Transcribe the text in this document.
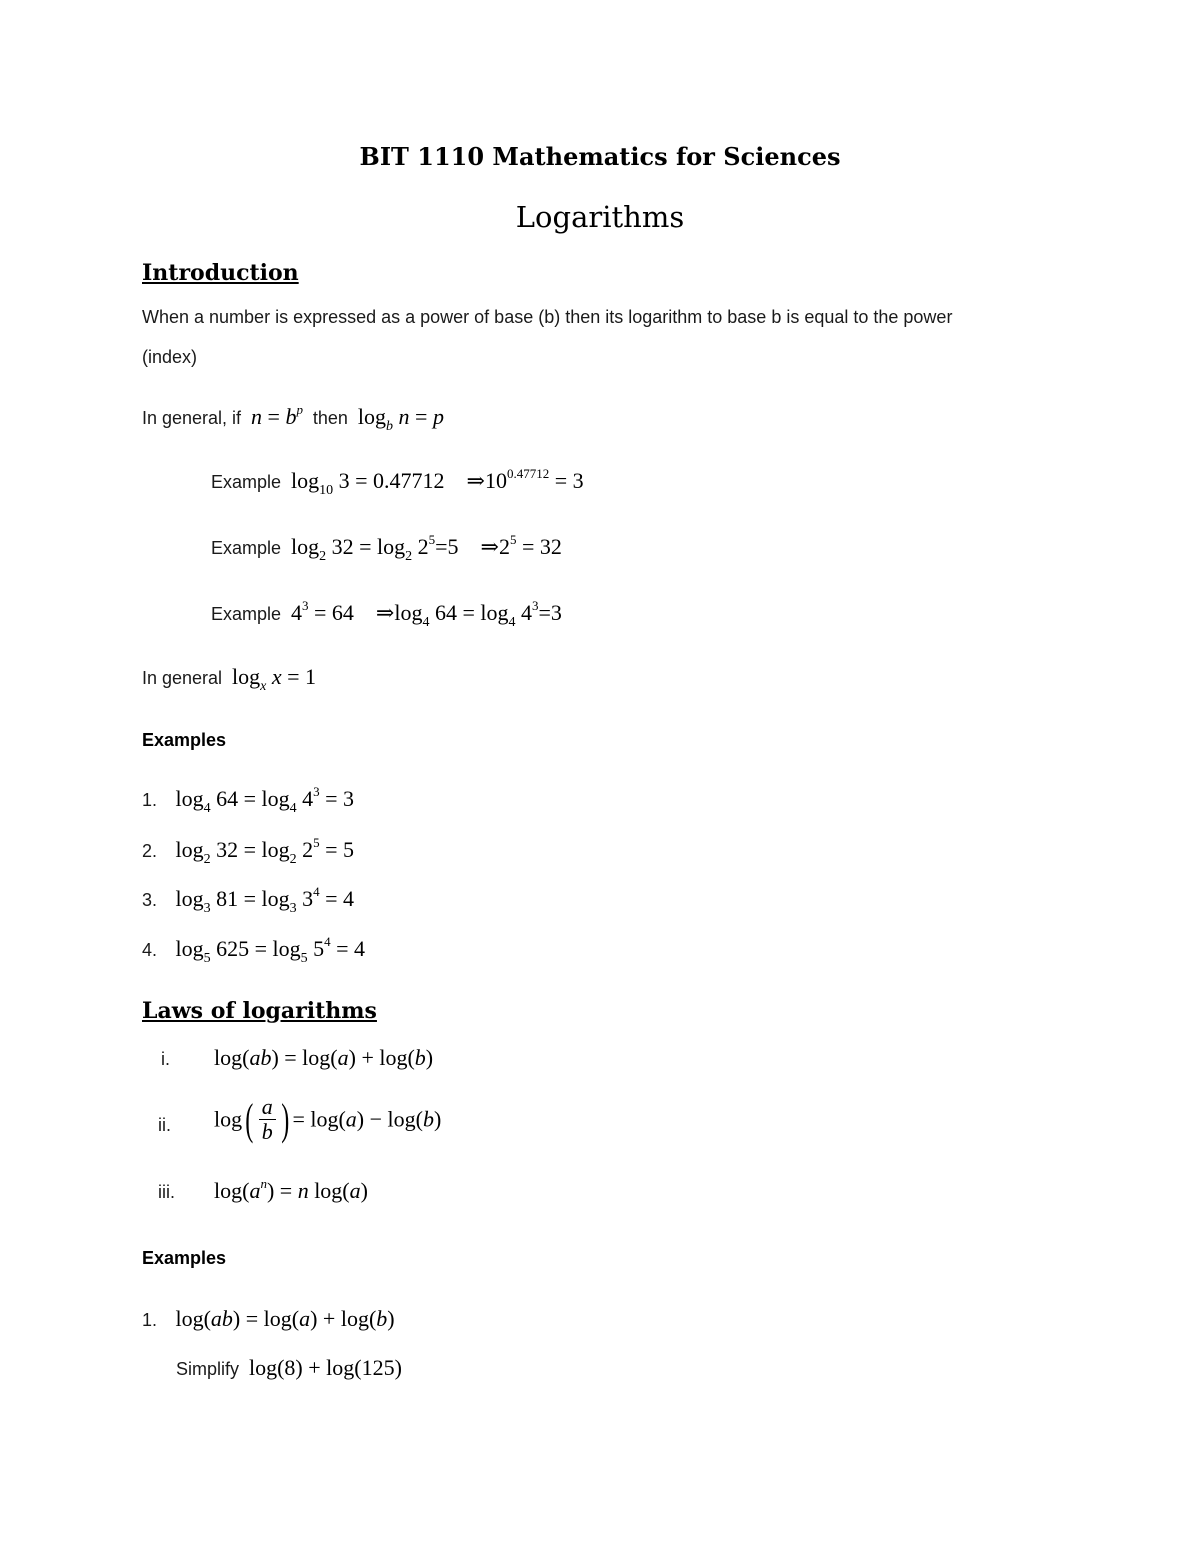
BIT 1110 Mathematics for Sciences
Logarithms
Introduction
When a number is expressed as a power of base (b) then its logarithm to base b is equal to the power
(index)
In general, if $n = b^p$ then  $\log_b n = p$
Example  $\log_{10} 3 = 0.47712$    $\Rightarrow 10^{0.47712} = 3$
Example  $\log_2 32 = \log_2 2^5=5$    $\Rightarrow 2^5 = 32$
Example  $4^3 = 64$    $\Rightarrow\log_4$ $64 = \log_4 4^3=3$
In general  $\log_x x = 1$
Examples
1. $\log_4 64 = \log_4 4^3 = 3$
2. $\log_2 32 = \log_2 2^5 = 5$
3. $\log_3 81 = \log_3 3^4 = 4$
4. $\log_5 625 = \log_5 5^4 = 4$
Laws of logarithms
i. log(ab) = log(a) + log(b)
ii. $\log( \frac{a}{b}$ ) = log(a) − log(b)
iii. $\log(a^n) = n$ log(a)
Examples
1. log(ab) = log(a) + log(b)
Simplify  log(8) + log(125)
